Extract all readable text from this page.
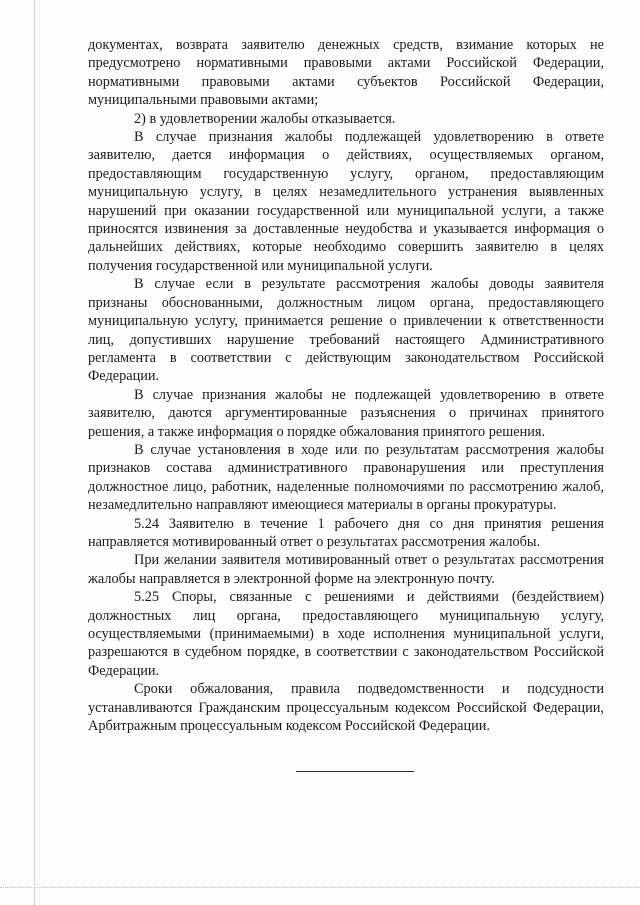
документах, возврата заявителю денежных средств, взимание которых не предусмотрено нормативными правовыми актами Российской Федерации, нормативными правовыми актами субъектов Российской Федерации, муниципальными правовыми актами;

2) в удовлетворении жалобы отказывается.

В случае признания жалобы подлежащей удовлетворению в ответе заявителю, дается информация о действиях, осуществляемых органом, предоставляющим государственную услугу, органом, предоставляющим муниципальную услугу, в целях незамедлительного устранения выявленных нарушений при оказании государственной или муниципальной услуги, а также приносятся извинения за доставленные неудобства и указывается информация о дальнейших действиях, которые необходимо совершить заявителю в целях получения государственной или муниципальной услуги.

В случае если в результате рассмотрения жалобы доводы заявителя признаны обоснованными, должностным лицом органа, предоставляющего муниципальную услугу, принимается решение о привлечении к ответственности лиц, допустивших нарушение требований настоящего Административного регламента в соответствии с действующим законодательством Российской Федерации.

В случае признания жалобы не подлежащей удовлетворению в ответе заявителю, даются аргументированные разъяснения о причинах принятого решения, а также информация о порядке обжалования принятого решения.

В случае установления в ходе или по результатам рассмотрения жалобы признаков состава административного правонарушения или преступления должностное лицо, работник, наделенные полномочиями по рассмотрению жалоб, незамедлительно направляют имеющиеся материалы в органы прокуратуры.

5.24 Заявителю в течение 1 рабочего дня со дня принятия решения направляется мотивированный ответ о результатах рассмотрения жалобы.

При желании заявителя мотивированный ответ о результатах рассмотрения жалобы направляется в электронной форме на электронную почту.

5.25 Споры, связанные с решениями и действиями (бездействием) должностных лиц органа, предоставляющего муниципальную услугу, осуществляемыми (принимаемыми) в ходе исполнения муниципальной услуги, разрешаются в судебном порядке, в соответствии с законодательством Российской Федерации.

Сроки обжалования, правила подведомственности и подсудности устанавливаются Гражданским процессуальным кодексом Российской Федерации, Арбитражным процессуальным кодексом Российской Федерации.
